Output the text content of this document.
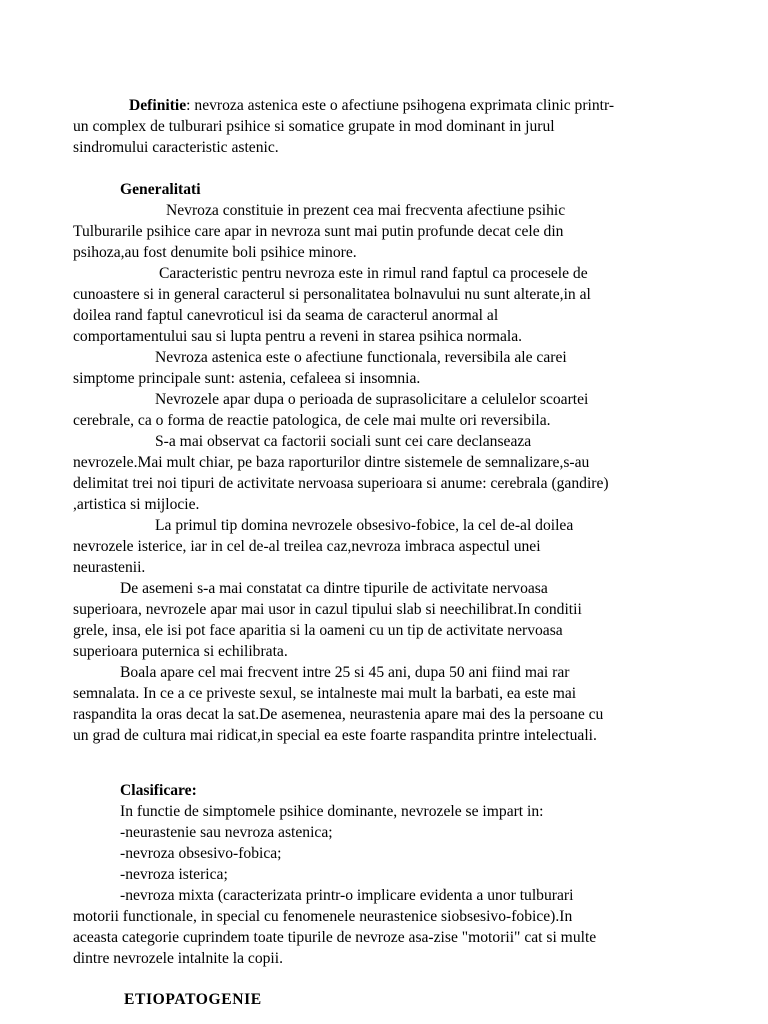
Definitie: nevroza astenica este o afectiune psihogena exprimata clinic printr-
un complex de tulburari psihice si somatice grupate in mod dominant in jurul
sindromului caracteristic astenic.
Generalitati
Nevroza constituie in prezent cea mai frecventa afectiune psihic
Tulburarile psihice care apar in nevroza sunt mai putin profunde decat cele din
psihoza,au fost denumite boli psihice minore.
Caracteristic pentru nevroza este in rimul rand faptul ca procesele de
cunoastere si in general caracterul si personalitatea bolnavului nu sunt alterate,in al
doilea rand faptul canevroticul isi da seama de caracterul anormal al
comportamentului sau si lupta pentru a reveni in starea psihica normala.
Nevroza astenica este o afectiune functionala, reversibila ale carei
simptome principale sunt: astenia, cefaleea si insomnia.
Nevrozele apar dupa o perioada de suprasolicitare a celulelor scoartei
cerebrale, ca o forma de reactie patologica, de cele mai multe ori reversibila.
S-a mai observat ca factorii sociali sunt cei care declanseaza
nevrozele.Mai mult chiar, pe baza raporturilor dintre sistemele de semnalizare,s-au
delimitat trei noi tipuri de activitate nervoasa superioara si anume: cerebrala (gandire)
,artistica si mijlocie.
La primul tip domina nevrozele obsesivo-fobice, la cel de-al doilea
nevrozele isterice, iar in cel de-al treilea caz,nevroza imbraca aspectul unei
neurastenii.
De asemeni s-a mai constatat ca dintre tipurile de activitate nervoasa
superioara, nevrozele apar mai usor in cazul tipului slab si neechilibrat.In conditii
grele, insa, ele isi pot face aparitia si la oameni cu un tip de activitate nervoasa
superioara puternica si echilibrata.
Boala apare cel mai frecvent intre 25 si 45 ani, dupa 50 ani fiind mai rar
semnalata. In ce a ce priveste sexul, se intalneste mai mult la barbati, ea este mai
raspandita la oras decat la sat.De asemenea, neurastenia apare mai des la persoane cu
un grad de cultura mai ridicat,in special ea este foarte raspandita printre intelectuali.
Clasificare:
In functie de simptomele psihice dominante, nevrozele se impart in:
-neurastenie sau nevroza astenica;
-nevroza obsesivo-fobica;
-nevroza isterica;
-nevroza mixta (caracterizata printr-o implicare evidenta a unor tulburari
motorii functionale, in special cu fenomenele neurastenice siobsesivo-fobice).In
aceasta categorie cuprindem toate tipurile de nevroze asa-zise "motorii" cat si multe
dintre nevrozele intalnite la copii.
ETIOPATOGENIE
